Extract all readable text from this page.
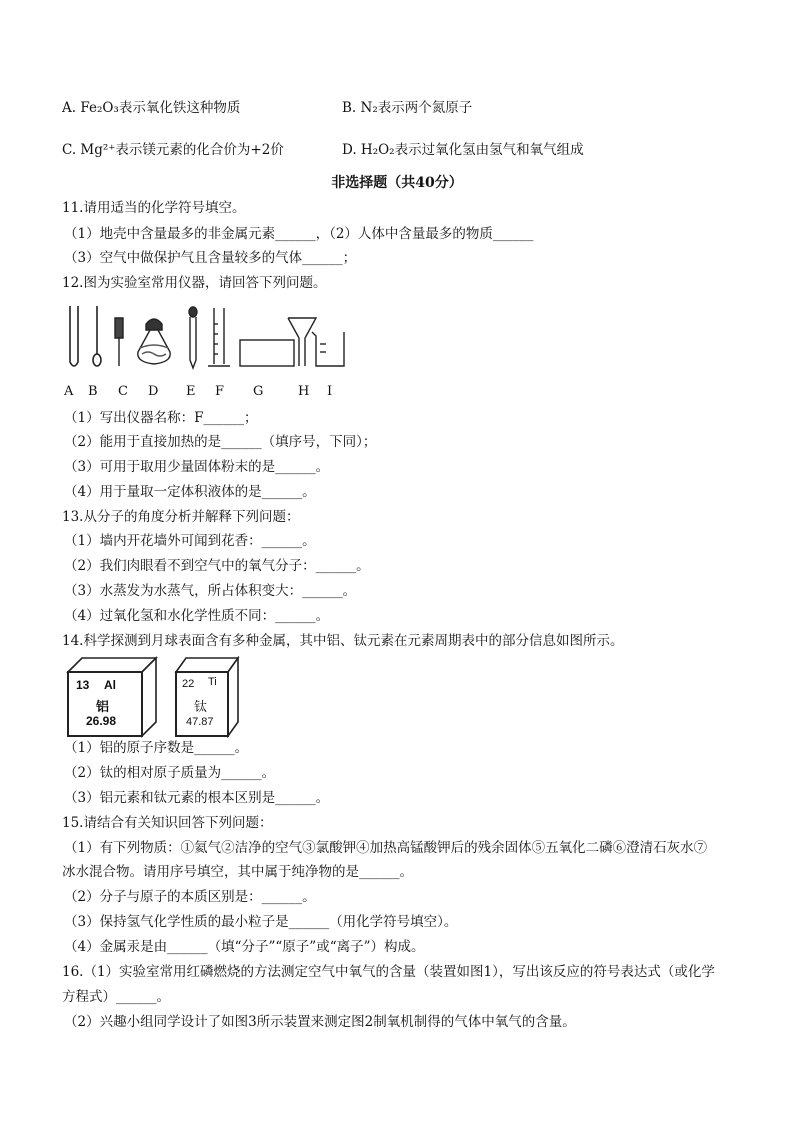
A. Fe₂O₃表示氧化铁这种物质	B. N₂表示两个氮原子
C. Mg²⁺表示镁元素的化合价为+2价	D. H₂O₂表示过氧化氢由氢气和氧气组成
非选择题（共40分）
11.请用适当的化学符号填空。
（1）地壳中含量最多的非金属元素______，（2）人体中含量最多的物质______
（3）空气中做保护气且含量较多的气体______；
12.图为实验室常用仪器，请回答下列问题。
A B C D E F G	H I
（1）写出仪器名称：F______；
（2）能用于直接加热的是______（填序号，下同）；
（3）可用于取用少量固体粉末的是______。
（4）用于量取一定体积液体的是______。
13.从分子的角度分析并解释下列问题：
（1）墙内开花墙外可闻到花香：______。
（2）我们肉眼看不到空气中的氧气分子：______。
（3）水蒸发为水蒸气，所占体积变大：______。
（4）过氧化氢和水化学性质不同：______。
14.科学探测到月球表面含有多种金属，其中铝、钛元素在元素周期表中的部分信息如图所示。
13 Al
铝
26.98
22 Ti
钛
47.87
（1）铝的原子序数是______。
（2）钛的相对原子质量为______。
（3）铝元素和钛元素的根本区别是______。
15.请结合有关知识回答下列问题：
（1）有下列物质：①氦气②洁净的空气③氯酸钾④加热高锰酸钾后的残余固体⑤五氧化二磷⑥澄清石灰水⑦
冰水混合物。请用序号填空，其中属于纯净物的是______。
（2）分子与原子的本质区别是：______。
（3）保持氢气化学性质的最小粒子是______（用化学符号填空）。
（4）金属汞是由______（填“分子”“原子”或“离子”）构成。
16.（1）实验室常用红磷燃烧的方法测定空气中氧气的含量（装置如图1），写出该反应的符号表达式（或化学
方程式）______。
（2）兴趣小组同学设计了如图3所示装置来测定图2制氧机制得的气体中氧气的含量。
